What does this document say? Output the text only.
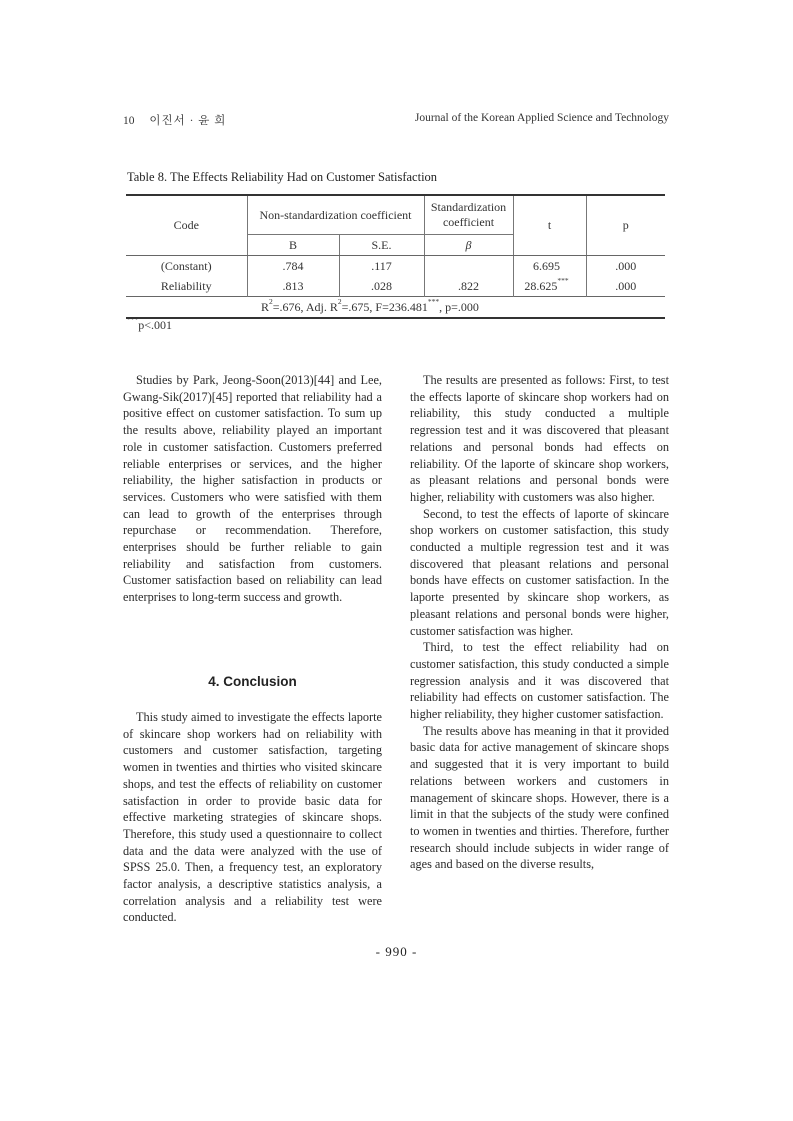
10 이진서 · 윤 희	Journal of the Korean Applied Science and Technology
Table 8. The Effects Reliability Had on Customer Satisfaction
Code	Non-standardization coefficient		Standardization coefficient	t	p
	B	S.E.	β		
(Constant)	.784	.117		6.695	.000
Reliability	.813	.028	.822	28.625***	.000
	$R^2=.676$, Adj. $R^2=.675$, F=236.481***, p=.000				
***p<.001

Studies by Park, Jeong-Soon(2013)[44] and Lee, Gwang-Sik(2017)[45] reported that reliability had a positive effect on customer satisfaction. To sum up the results above, reliability played an important role in customer satisfaction. Customers preferred reliable enterprises or services, and the higher reliability, the higher satisfaction in products or services. Customers who were satisfied with them can lead to growth of the enterprises through repurchase or recommendation. Therefore, enterprises should be further reliable to gain reliability and satisfaction from customers. Customer satisfaction based on reliability can lead enterprises to long-term success and growth.

4. Conclusion

This study aimed to investigate the effects laporte of skincare shop workers had on reliability with customers and customer satisfaction, targeting women in twenties and thirties who visited skincare shops, and test the effects of reliability on customer satisfaction in order to provide basic data for effective marketing strategies of skincare shops. Therefore, this study used a questionnaire to collect data and the data were analyzed with the use of SPSS 25.0. Then, a frequency test, an exploratory factor analysis, a descriptive statistics analysis, a correlation analysis and a reliability test were conducted.

The results are presented as follows: First, to test the effects laporte of skincare shop workers had on reliability, this study conducted a multiple regression test and it was discovered that pleasant relations and personal bonds had effects on reliability. Of the laporte of skincare shop workers, as pleasant relations and personal bonds were higher, reliability with customers was also higher.

Second, to test the effects of laporte of skincare shop workers on customer satisfaction, this study conducted a multiple regression test and it was discovered that pleasant relations and personal bonds have effects on customer satisfaction. In the laporte presented by skincare shop workers, as pleasant relations and personal bonds were higher, customer satisfaction was higher.

Third, to test the effect reliability had on customer satisfaction, this study conducted a simple regression analysis and it was discovered that reliability had effects on customer satisfaction. The higher reliability, they higher customer satisfaction.

The results above has meaning in that it provided basic data for active management of skincare shops and suggested that it is very important to build relations between workers and customers in management of skincare shops. However, there is a limit in that the subjects of the study were confined to women in twenties and thirties. Therefore, further research should include subjects in wider range of ages and based on the diverse results,

- 990 -
